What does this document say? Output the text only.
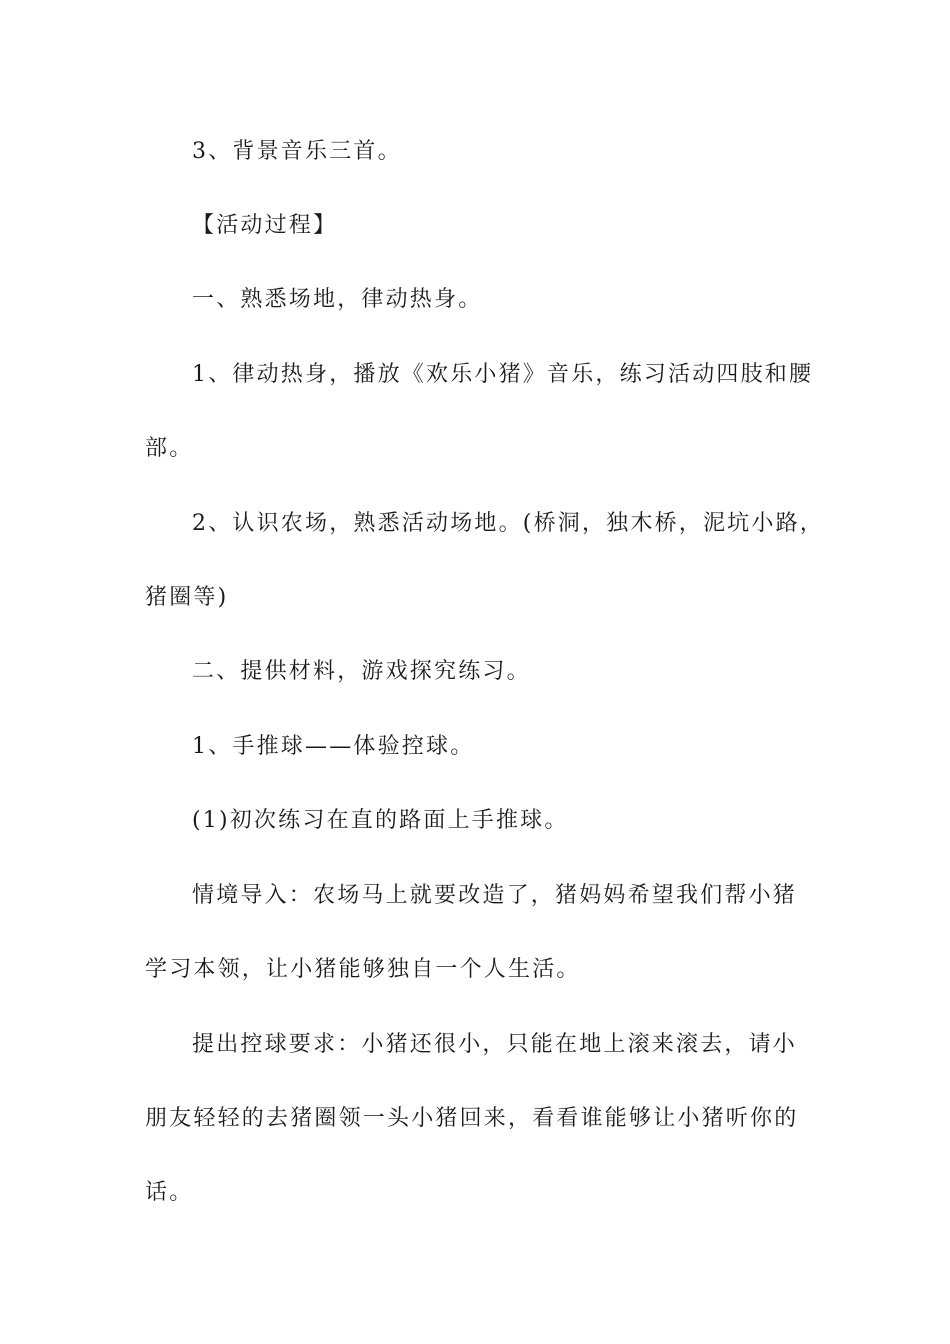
3、背景音乐三首。
【活动过程】
一、熟悉场地，律动热身。
1、律动热身，播放《欢乐小猪》音乐，练习活动四肢和腰
部。
2、认识农场，熟悉活动场地。(桥洞，独木桥，泥坑小路，
猪圈等)
二、提供材料，游戏探究练习。
1、手推球——体验控球。
(1)初次练习在直的路面上手推球。
情境导入：农场马上就要改造了，猪妈妈希望我们帮小猪
学习本领，让小猪能够独自一个人生活。
提出控球要求：小猪还很小，只能在地上滚来滚去，请小
朋友轻轻的去猪圈领一头小猪回来，看看谁能够让小猪听你的
话。
